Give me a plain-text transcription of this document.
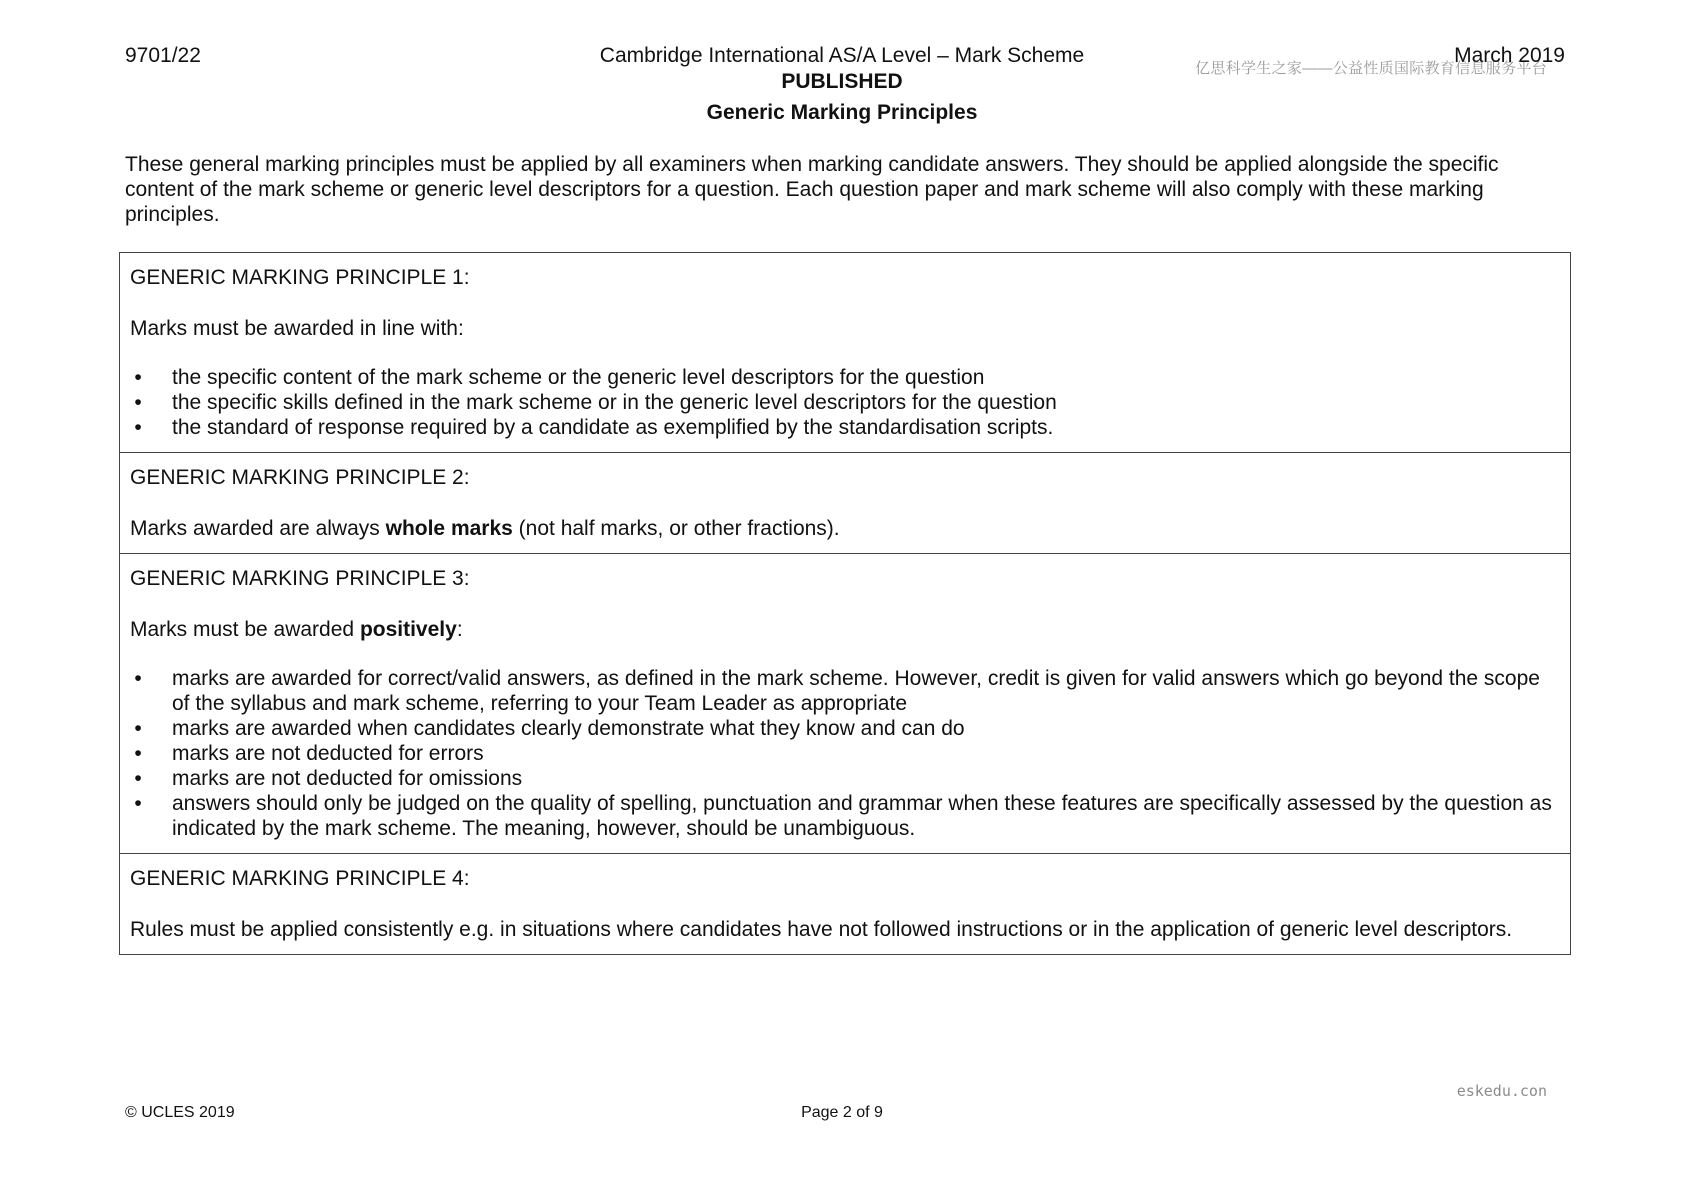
9701/22	Cambridge International AS/A Level – Mark Scheme
亿思科学生之家——公益性质国际教育信息服务平台
March 2019
PUBLISHED
Generic Marking Principles
These general marking principles must be applied by all examiners when marking candidate answers. They should be applied alongside the specific content of the mark scheme or generic level descriptors for a question. Each question paper and mark scheme will also comply with these marking principles.
GENERIC MARKING PRINCIPLE 1:
Marks must be awarded in line with:
• the specific content of the mark scheme or the generic level descriptors for the question
• the specific skills defined in the mark scheme or in the generic level descriptors for the question
• the standard of response required by a candidate as exemplified by the standardisation scripts.

GENERIC MARKING PRINCIPLE 2:
Marks awarded are always whole marks (not half marks, or other fractions).

GENERIC MARKING PRINCIPLE 3:
Marks must be awarded positively:
• marks are awarded for correct/valid answers, as defined in the mark scheme. However, credit is given for valid answers which go beyond the scope of the syllabus and mark scheme, referring to your Team Leader as appropriate
• marks are awarded when candidates clearly demonstrate what they know and can do
• marks are not deducted for errors
• marks are not deducted for omissions
• answers should only be judged on the quality of spelling, punctuation and grammar when these features are specifically assessed by the question as indicated by the mark scheme. The meaning, however, should be unambiguous.

GENERIC MARKING PRINCIPLE 4:
Rules must be applied consistently e.g. in situations where candidates have not followed instructions or in the application of generic level descriptors.
eskedu.con
© UCLES 2019	Page 2 of 9
